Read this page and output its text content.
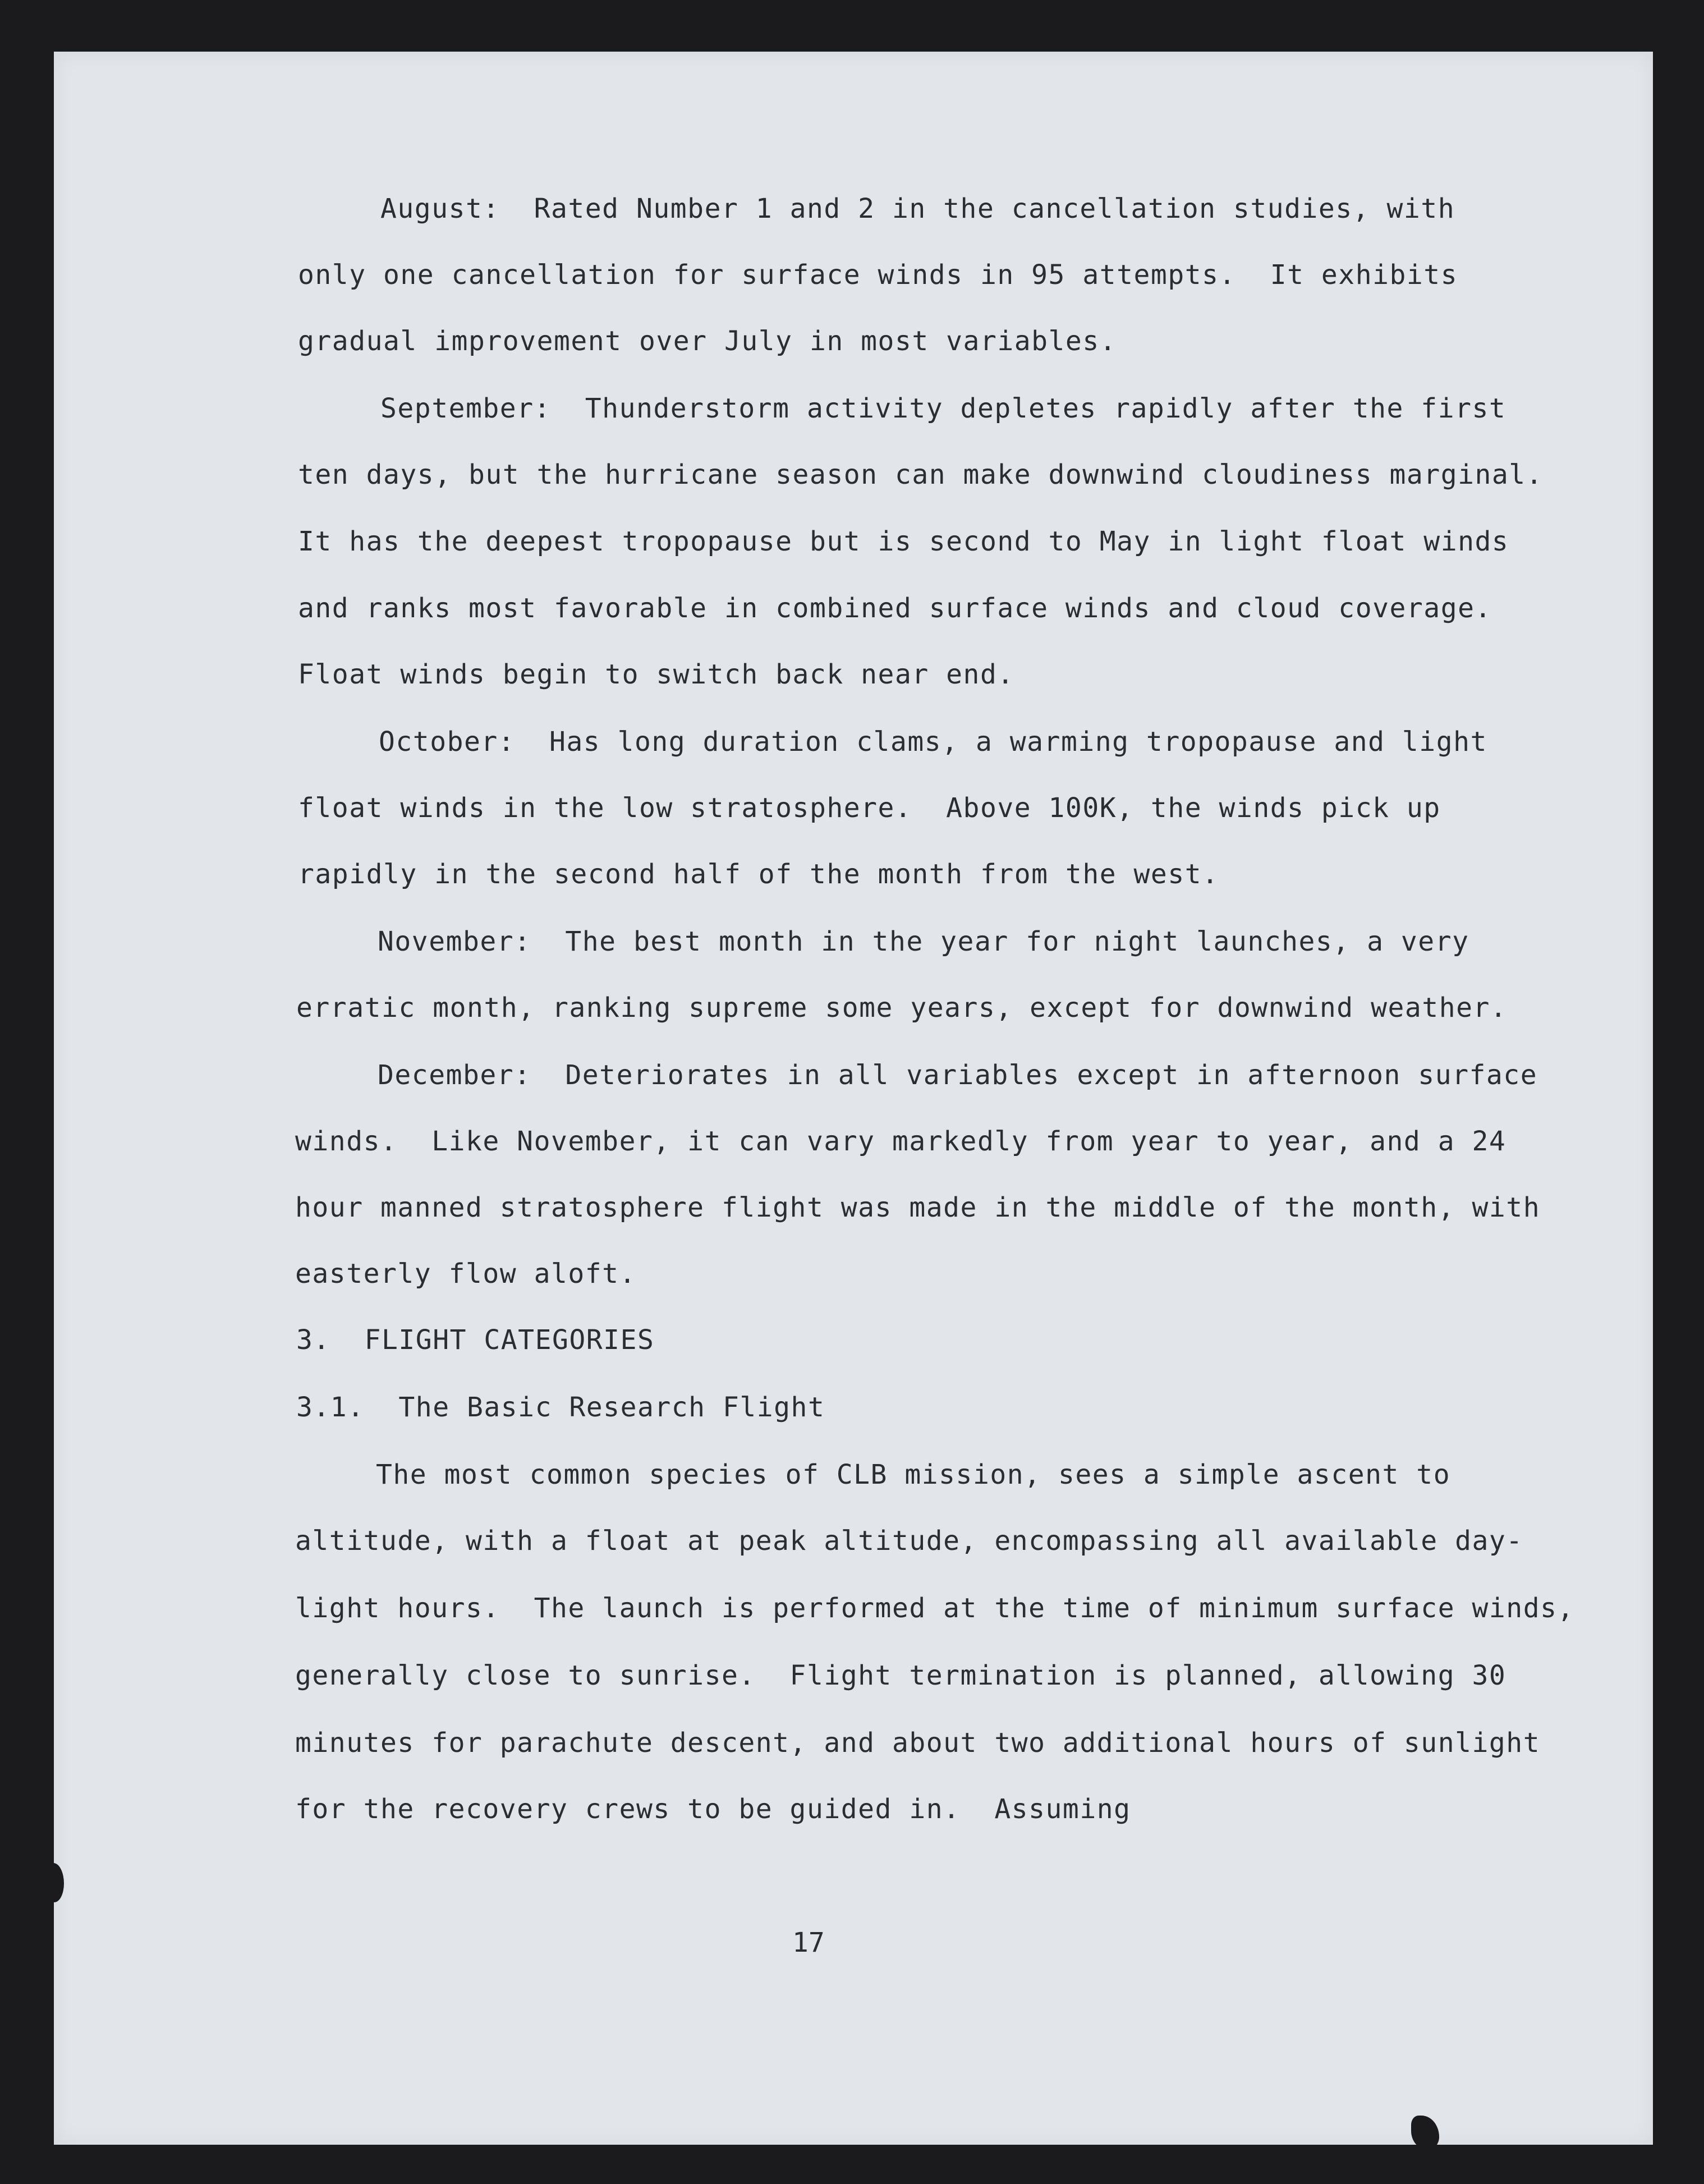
August:  Rated Number 1 and 2 in the cancellation studies, with

only one cancellation for surface winds in 95 attempts.  It exhibits

gradual improvement over July in most variables.

September:  Thunderstorm activity depletes rapidly after the first

ten days, but the hurricane season can make downwind cloudiness marginal.

It has the deepest tropopause but is second to May in light float winds

and ranks most favorable in combined surface winds and cloud coverage.

Float winds begin to switch back near end.

October:  Has long duration clams, a warming tropopause and light

float winds in the low stratosphere.  Above 100K, the winds pick up

rapidly in the second half of the month from the west.

November:  The best month in the year for night launches, a very

erratic month, ranking supreme some years, except for downwind weather.

December:  Deteriorates in all variables except in afternoon surface

winds.  Like November, it can vary markedly from year to year, and a 24

hour manned stratosphere flight was made in the middle of the month, with

easterly flow aloft.

3.  FLIGHT CATEGORIES

3.1.  The Basic Research Flight

The most common species of CLB mission, sees a simple ascent to

altitude, with a float at peak altitude, encompassing all available day-

light hours.  The launch is performed at the time of minimum surface winds,

generally close to sunrise.  Flight termination is planned, allowing 30

minutes for parachute descent, and about two additional hours of sunlight

for the recovery crews to be guided in.  Assuming

17
